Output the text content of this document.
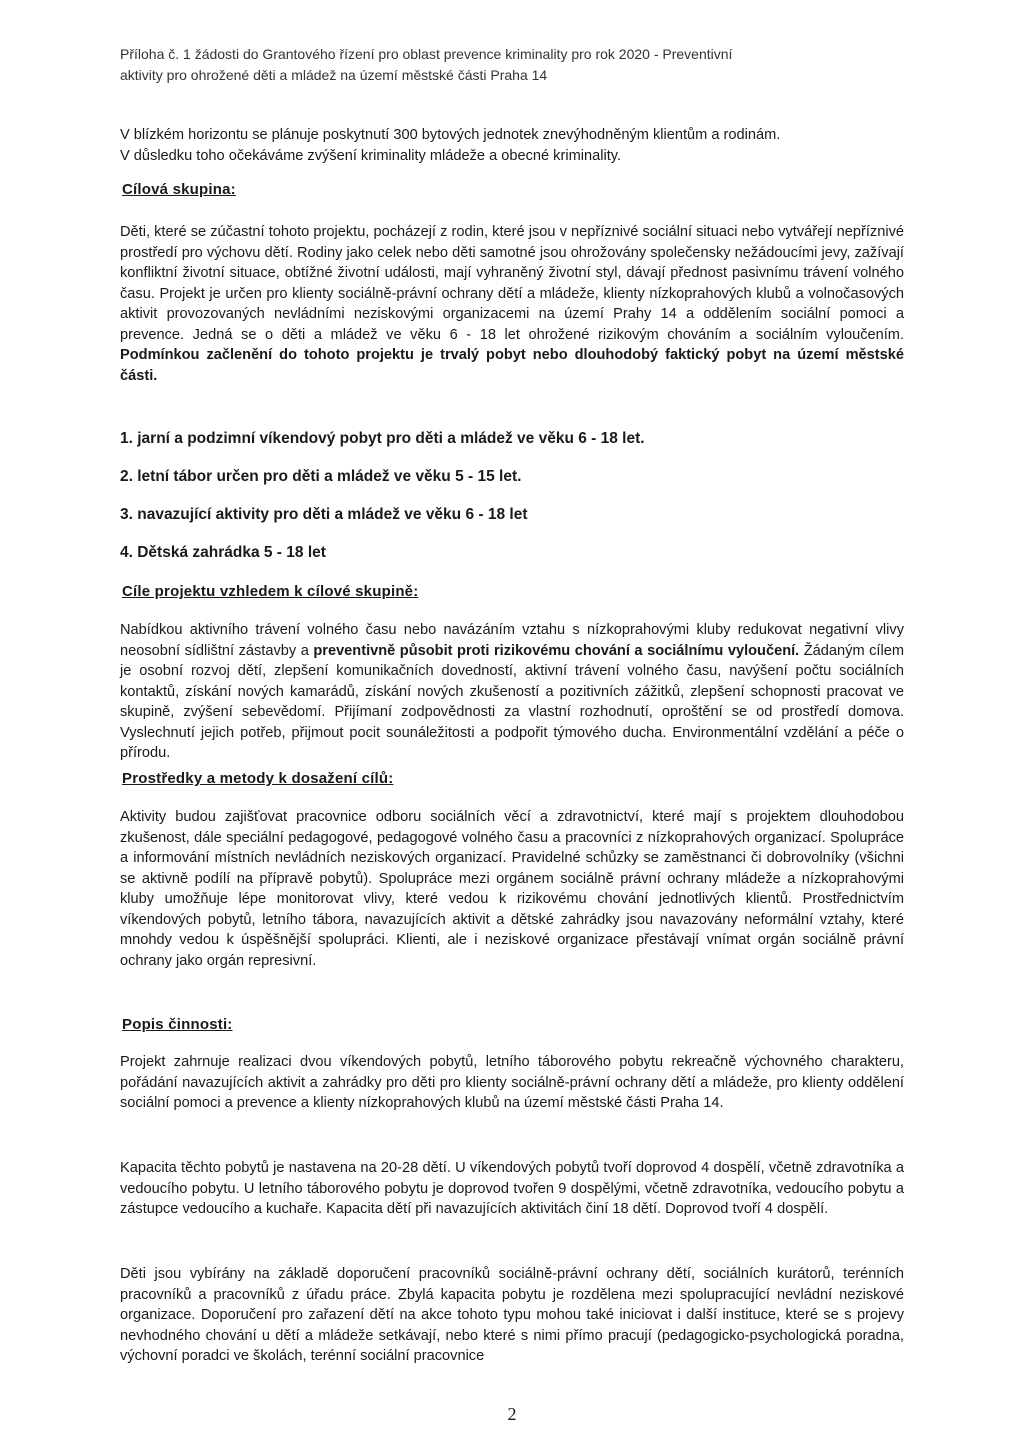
Příloha č. 1 žádosti do Grantového řízení pro oblast prevence kriminality pro rok 2020 - Preventivní
aktivity pro ohrožené děti a mládež na území městské části Praha 14
V blízkém horizontu se plánuje poskytnutí 300 bytových jednotek znevýhodněným klientům a rodinám.
V důsledku toho očekáváme zvýšení kriminality mládeže a obecné kriminality.
Cílová skupina:
Děti, které se zúčastní tohoto projektu, pocházejí z rodin, které jsou v nepříznivé sociální situaci nebo vytvářejí nepříznivé prostředí pro výchovu dětí. Rodiny jako celek nebo děti samotné jsou ohrožovány společensky nežádoucími jevy, zažívají konfliktní životní situace, obtížné životní události, mají vyhraněný životní styl, dávají přednost pasivnímu trávení volného času. Projekt je určen pro klienty sociálně-právní ochrany dětí a mládeže, klienty nízkoprahových klubů a volnočasových aktivit provozovaných nevládními neziskovými organizacemi na území Prahy 14 a oddělením sociální pomoci a prevence. Jedná se o děti a mládež ve věku 6 - 18 let ohrožené rizikovým chováním a sociálním vyloučením. Podmínkou začlenění do tohoto projektu je trvalý pobyt nebo dlouhodobý faktický pobyt na území městské části.
1. jarní a podzimní víkendový pobyt pro děti a mládež ve věku 6 - 18 let.
2. letní tábor určen pro děti a mládež ve věku 5 - 15 let.
3. navazující aktivity pro děti a mládež ve věku 6 - 18 let
4. Dětská zahrádka 5 - 18 let
Cíle projektu vzhledem k cílové skupině:
Nabídkou aktivního trávení volného času nebo navázáním vztahu s nízkoprahovými kluby redukovat negativní vlivy neosobní sídlištní zástavby a preventivně působit proti rizikovému chování a sociálnímu vyloučení. Žádaným cílem je osobní rozvoj dětí, zlepšení komunikačních dovedností, aktivní trávení volného času, navýšení počtu sociálních kontaktů, získání nových kamarádů, získání nových zkušeností a pozitivních zážitků, zlepšení schopnosti pracovat ve skupině, zvýšení sebevědomí. Přijímaní zodpovědnosti za vlastní rozhodnutí, oproštění se od prostředí domova. Vyslechnutí jejich potřeb, přijmout pocit sounáležitosti a podpořit týmového ducha. Environmentální vzdělání a péče o přírodu.
Prostředky a metody k dosažení cílů:
Aktivity budou zajišťovat pracovnice odboru sociálních věcí a zdravotnictví, které mají s projektem dlouhodobou zkušenost, dále speciální pedagogové, pedagogové volného času a pracovníci z nízkoprahových organizací. Spolupráce a informování místních nevládních neziskových organizací. Pravidelné schůzky se zaměstnanci či dobrovolníky (všichni se aktivně podílí na přípravě pobytů). Spolupráce mezi orgánem sociálně právní ochrany mládeže a nízkoprahovými kluby umožňuje lépe monitorovat vlivy, které vedou k rizikovému chování jednotlivých klientů. Prostřednictvím víkendových pobytů, letního tábora, navazujících aktivit a dětské zahrádky jsou navazovány neformální vztahy, které mnohdy vedou k úspěšnější spolupráci. Klienti, ale i neziskové organizace přestávají vnímat orgán sociálně právní ochrany jako orgán represivní.
Popis činnosti:
Projekt zahrnuje realizaci dvou víkendových pobytů, letního táborového pobytu rekreačně výchovného charakteru, pořádání navazujících aktivit a zahrádky pro děti pro klienty sociálně-právní ochrany dětí a mládeže, pro klienty oddělení sociální pomoci a prevence a klienty nízkoprahových klubů na území městské části Praha 14.
Kapacita těchto pobytů je nastavena na 20-28 dětí. U víkendových pobytů tvoří doprovod 4 dospělí, včetně zdravotníka a vedoucího pobytu. U letního táborového pobytu je doprovod tvořen 9 dospělými, včetně zdravotníka, vedoucího pobytu a zástupce vedoucího a kuchaře. Kapacita dětí při navazujících aktivitách činí 18 dětí. Doprovod tvoří 4 dospělí.
Děti jsou vybírány na základě doporučení pracovníků sociálně-právní ochrany dětí, sociálních kurátorů, terénních pracovníků a pracovníků z úřadu práce. Zbylá kapacita pobytu je rozdělena mezi spolupracující nevládní neziskové organizace. Doporučení pro zařazení dětí na akce tohoto typu mohou také iniciovat i další instituce, které se s projevy nevhodného chování u dětí a mládeže setkávají, nebo které s nimi přímo pracují (pedagogicko-psychologická poradna, výchovní poradci ve školách, terénní sociální pracovnice
2
